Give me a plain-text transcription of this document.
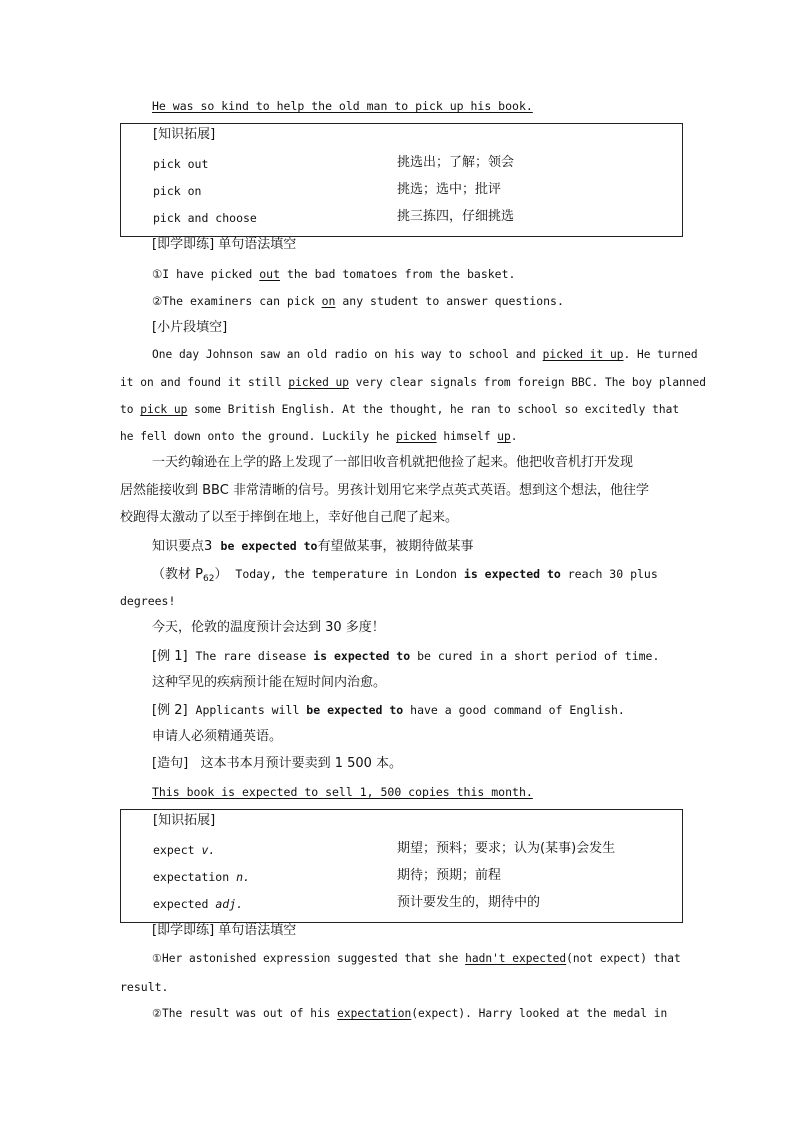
He was so kind to help the old man to pick up his book.
[知识拓展]
pick out	挑选出；了解；领会
pick on	挑选；选中；批评
pick and choose	挑三拣四，仔细挑选
[即学即练] 单句语法填空
①I have picked out the bad tomatoes from the basket.
②The examiners can pick on any student to answer questions.
[小片段填空]
One day Johnson saw an old radio on his way to school and picked it up. He turned
it on and found it still picked up very clear signals from foreign BBC. The boy planned
to pick up some British English. At the thought, he ran to school so excitedly that
he fell down onto the ground. Luckily he picked himself up.
一天约翰逊在上学的路上发现了一部旧收音机就把他捡了起来。他把收音机打开发现
居然能接收到 BBC 非常清晰的信号。男孩计划用它来学点英式英语。想到这个想法，他往学
校跑得太激动了以至于摔倒在地上，幸好他自己爬了起来。
知识要点3 be expected to有望做某事，被期待做某事
（教材 $P_{62}$） Today, the temperature in London is expected to reach 30 plus
degrees!
今天，伦敦的温度预计会达到 30 多度！
[例 1] The rare disease is expected to be cured in a short period of time.
这种罕见的疾病预计能在短时间内治愈。
[例 2] Applicants will be expected to have a good command of English.
申请人必须精通英语。
[造句] 这本书本月预计要卖到 1 500 本。
This book is expected to sell 1, 500 copies this month.
[知识拓展]
expect v.	期望；预料；要求；认为(某事)会发生
expectation n.	期待；预期；前程
expected adj.	预计要发生的，期待中的
[即学即练] 单句语法填空
①Her astonished expression suggested that she hadn't expected(not expect) that
result.
②The result was out of his expectation(expect). Harry looked at the medal in
